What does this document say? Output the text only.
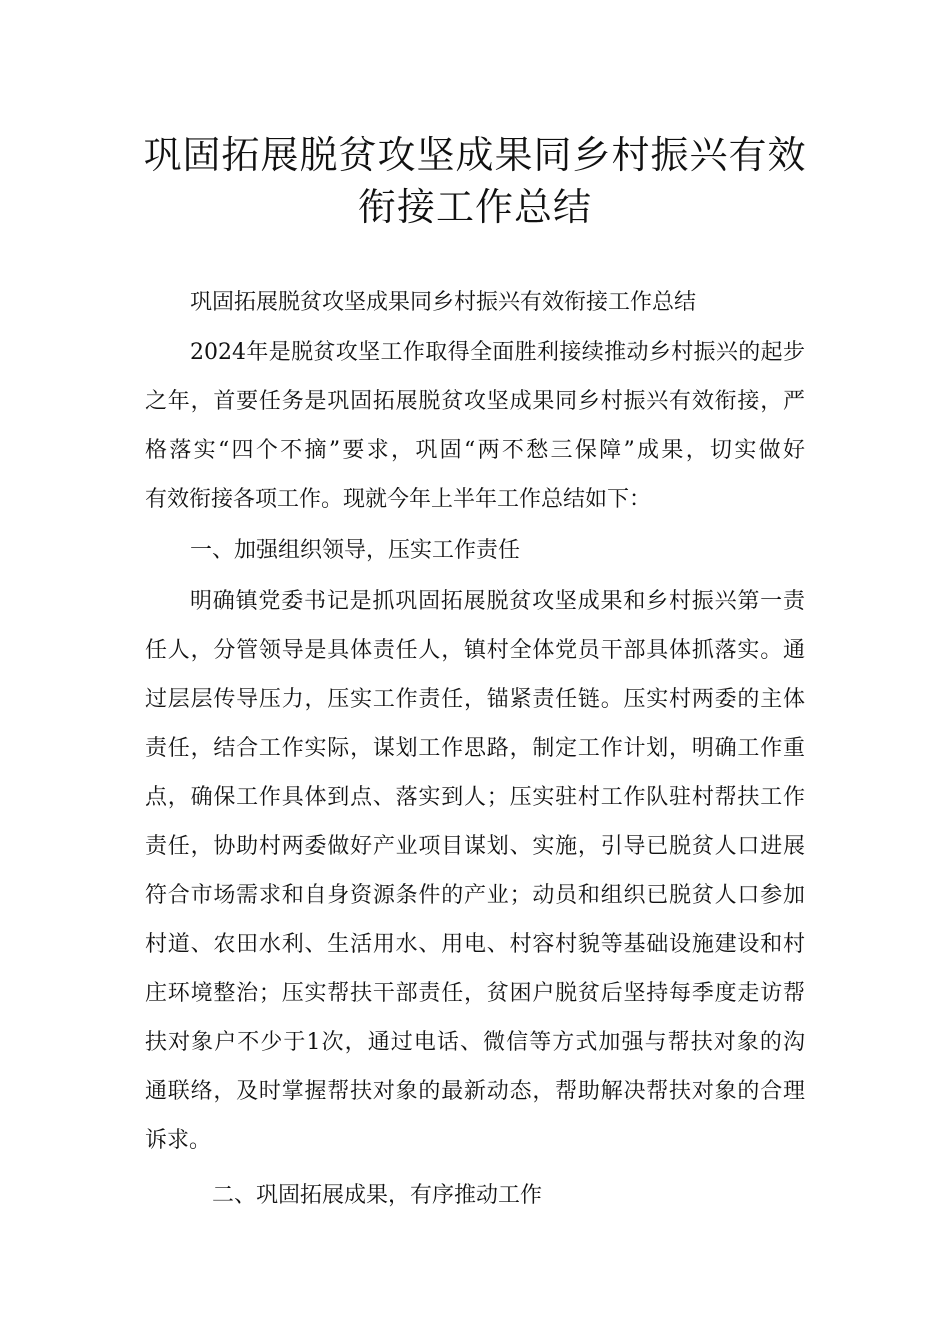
巩固拓展脱贫攻坚成果同乡村振兴有效
衔接工作总结
巩固拓展脱贫攻坚成果同乡村振兴有效衔接工作总结
2024年是脱贫攻坚工作取得全面胜利接续推动乡村振兴的起步
之年，首要任务是巩固拓展脱贫攻坚成果同乡村振兴有效衔接，严
格落实“四个不摘”要求，巩固“两不愁三保障”成果，切实做好
有效衔接各项工作。现就今年上半年工作总结如下：
一、加强组织领导，压实工作责任
明确镇党委书记是抓巩固拓展脱贫攻坚成果和乡村振兴第一责
任人，分管领导是具体责任人，镇村全体党员干部具体抓落实。通
过层层传导压力，压实工作责任，锚紧责任链。压实村两委的主体
责任，结合工作实际，谋划工作思路，制定工作计划，明确工作重
点，确保工作具体到点、落实到人；压实驻村工作队驻村帮扶工作
责任，协助村两委做好产业项目谋划、实施，引导已脱贫人口进展
符合市场需求和自身资源条件的产业；动员和组织已脱贫人口参加
村道、农田水利、生活用水、用电、村容村貌等基础设施建设和村
庄环境整治；压实帮扶干部责任，贫困户脱贫后坚持每季度走访帮
扶对象户不少于1次，通过电话、微信等方式加强与帮扶对象的沟
通联络，及时掌握帮扶对象的最新动态，帮助解决帮扶对象的合理
诉求。
二、巩固拓展成果，有序推动工作
